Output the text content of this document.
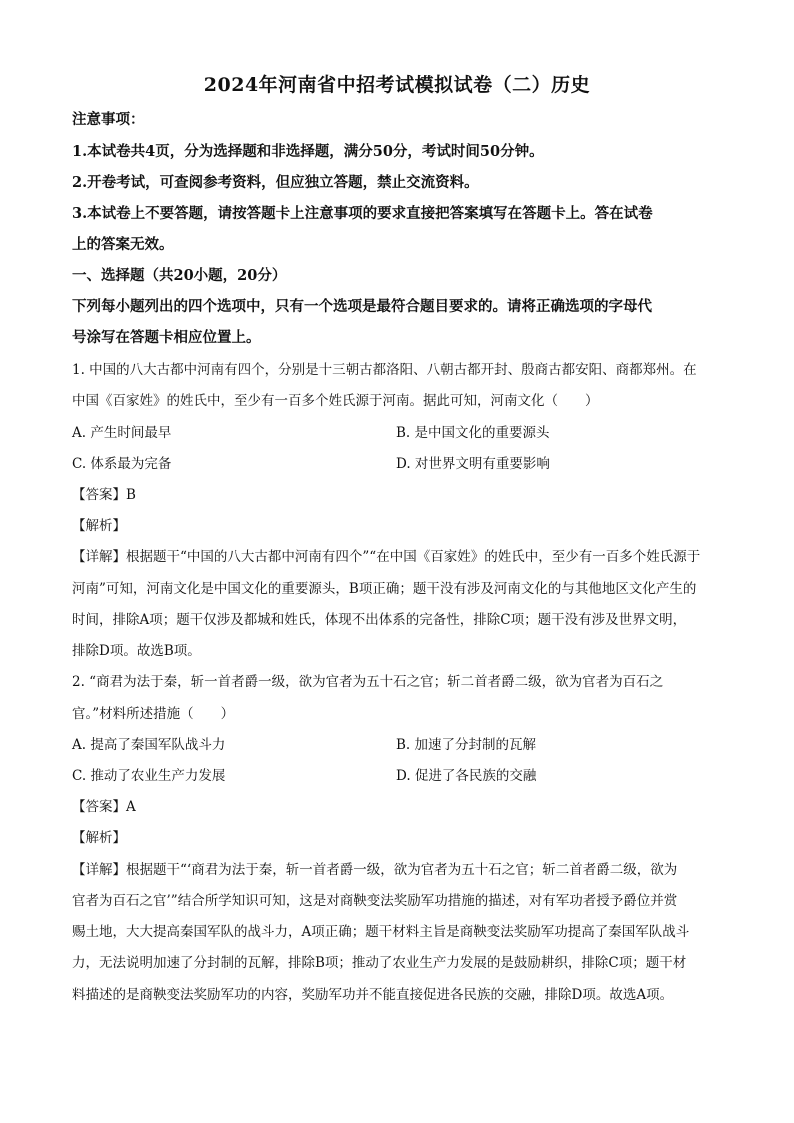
2024年河南省中招考试模拟试卷（二）历史
注意事项：
1.本试卷共4页，分为选择题和非选择题，满分50分，考试时间50分钟。
2.开卷考试，可查阅参考资料，但应独立答题，禁止交流资料。
3.本试卷上不要答题，请按答题卡上注意事项的要求直接把答案填写在答题卡上。答在试卷
上的答案无效。
一、选择题（共20小题，20分）
下列每小题列出的四个选项中，只有一个选项是最符合题目要求的。请将正确选项的字母代
号涂写在答题卡相应位置上。
1. 中国的八大古都中河南有四个，分别是十三朝古都洛阳、八朝古都开封、殷商古都安阳、商都郑州。在
中国《百家姓》的姓氏中，至少有一百多个姓氏源于河南。据此可知，河南文化（　　）
A. 产生时间最早	B. 是中国文化的重要源头
C. 体系最为完备	D. 对世界文明有重要影响
【答案】B
【解析】
【详解】根据题干“中国的八大古都中河南有四个”“在中国《百家姓》的姓氏中，至少有一百多个姓氏源于
河南”可知，河南文化是中国文化的重要源头，B项正确；题干没有涉及河南文化的与其他地区文化产生的
时间，排除A项；题干仅涉及都城和姓氏，体现不出体系的完备性，排除C项；题干没有涉及世界文明，
排除D项。故选B项。
2. “商君为法于秦，斩一首者爵一级，欲为官者为五十石之官；斩二首者爵二级，欲为官者为百石之
官。”材料所述措施（　　）
A. 提高了秦国军队战斗力	B. 加速了分封制的瓦解
C. 推动了农业生产力发展	D. 促进了各民族的交融
【答案】A
【解析】
【详解】根据题干“‘商君为法于秦，斩一首者爵一级，欲为官者为五十石之官；斩二首者爵二级，欲为
官者为百石之官’”结合所学知识可知，这是对商鞅变法奖励军功措施的描述，对有军功者授予爵位并赏
赐土地，大大提高秦国军队的战斗力，A项正确；题干材料主旨是商鞅变法奖励军功提高了秦国军队战斗
力，无法说明加速了分封制的瓦解，排除B项；推动了农业生产力发展的是鼓励耕织，排除C项；题干材
料描述的是商鞅变法奖励军功的内容，奖励军功并不能直接促进各民族的交融，排除D项。故选A项。
